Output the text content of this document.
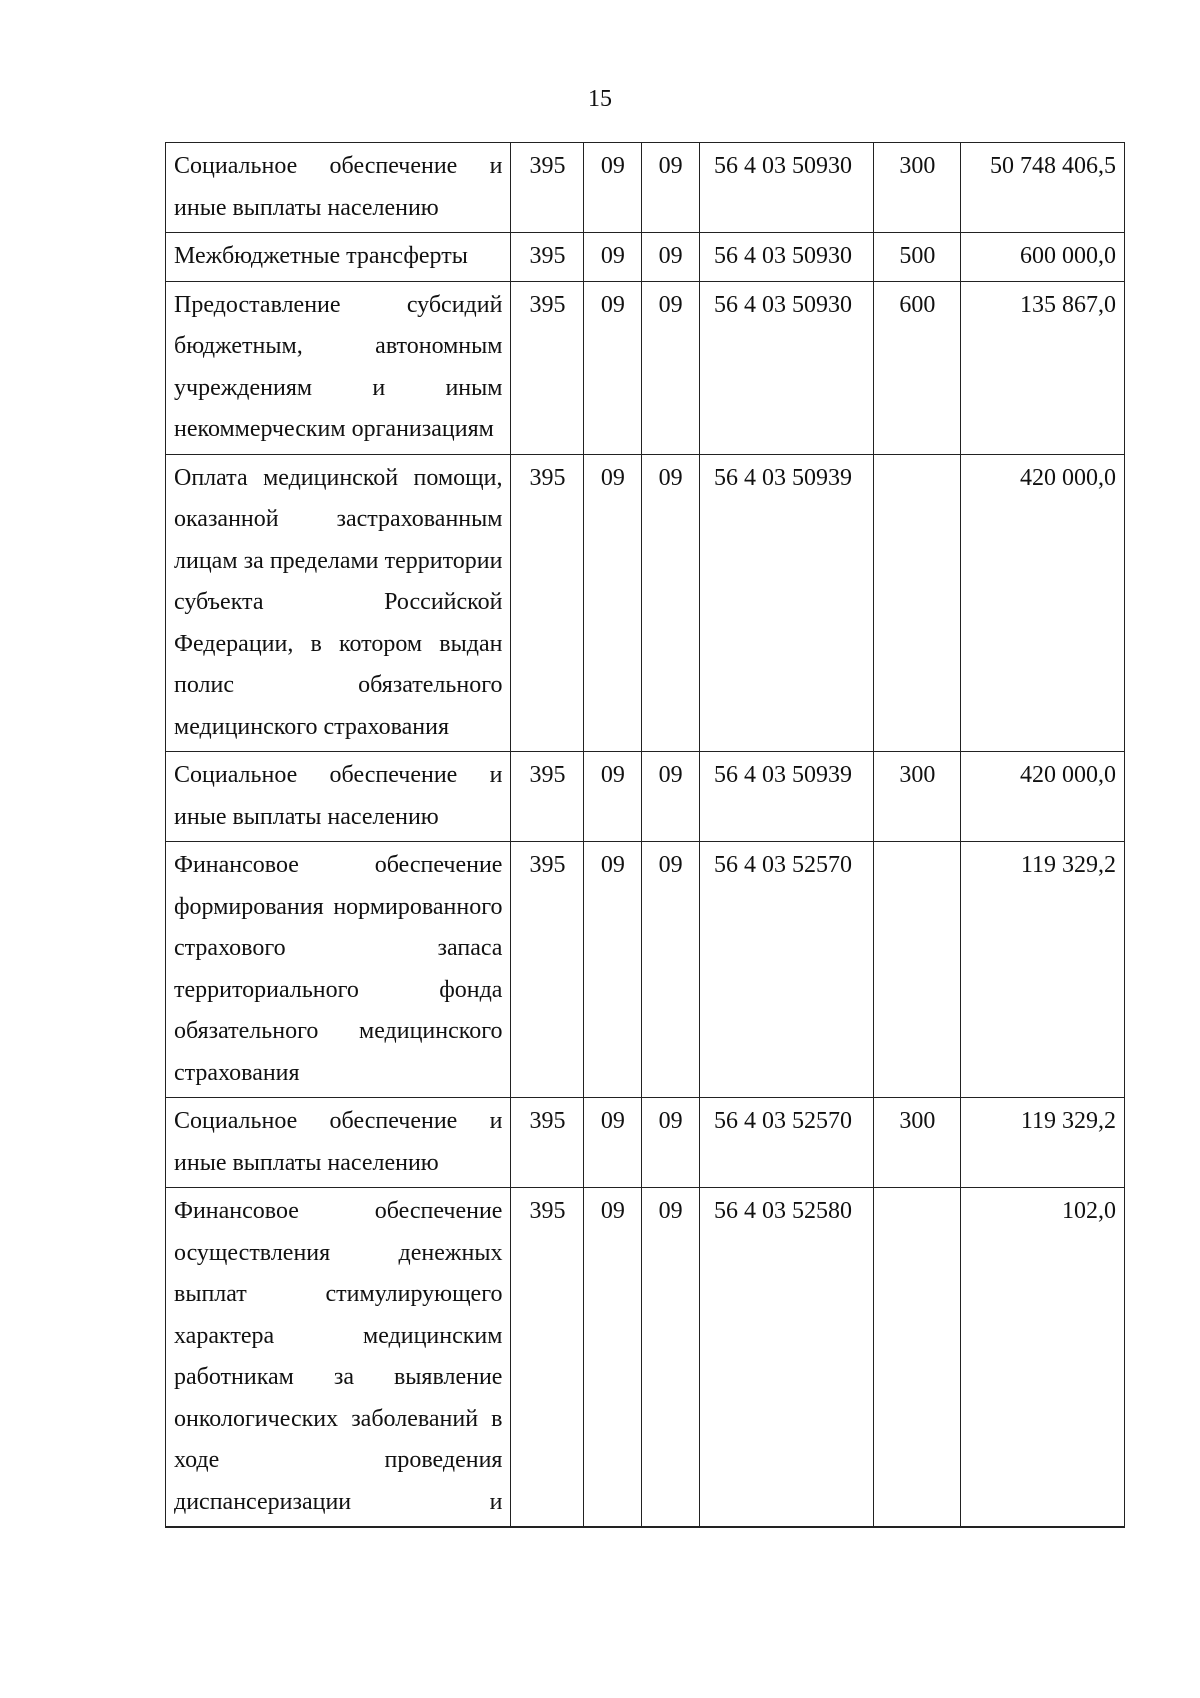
15
Социальное обеспечение и иные выплаты населению	395	09	09	56 4 03 50930	300	50 748 406,5
Межбюджетные трансферты	395	09	09	56 4 03 50930	500	600 000,0
Предоставление субсидий бюджетным, автономным учреждениям и иным некоммерческим организациям	395	09	09	56 4 03 50930	600	135 867,0
Оплата медицинской помощи, оказанной застрахованным лицам за пределами территории субъекта Российской Федерации, в котором выдан полис обязательного медицинского страхования	395	09	09	56 4 03 50939		420 000,0
Социальное обеспечение и иные выплаты населению	395	09	09	56 4 03 50939	300	420 000,0
Финансовое обеспечение формирования нормированного страхового запаса территориального фонда обязательного медицинского страхования	395	09	09	56 4 03 52570		119 329,2
Социальное обеспечение и иные выплаты населению	395	09	09	56 4 03 52570	300	119 329,2
Финансовое обеспечение осуществления денежных выплат стимулирующего характера медицинским работникам за выявление онкологических заболеваний в ходе проведения диспансеризации и	395	09	09	56 4 03 52580		102,0
